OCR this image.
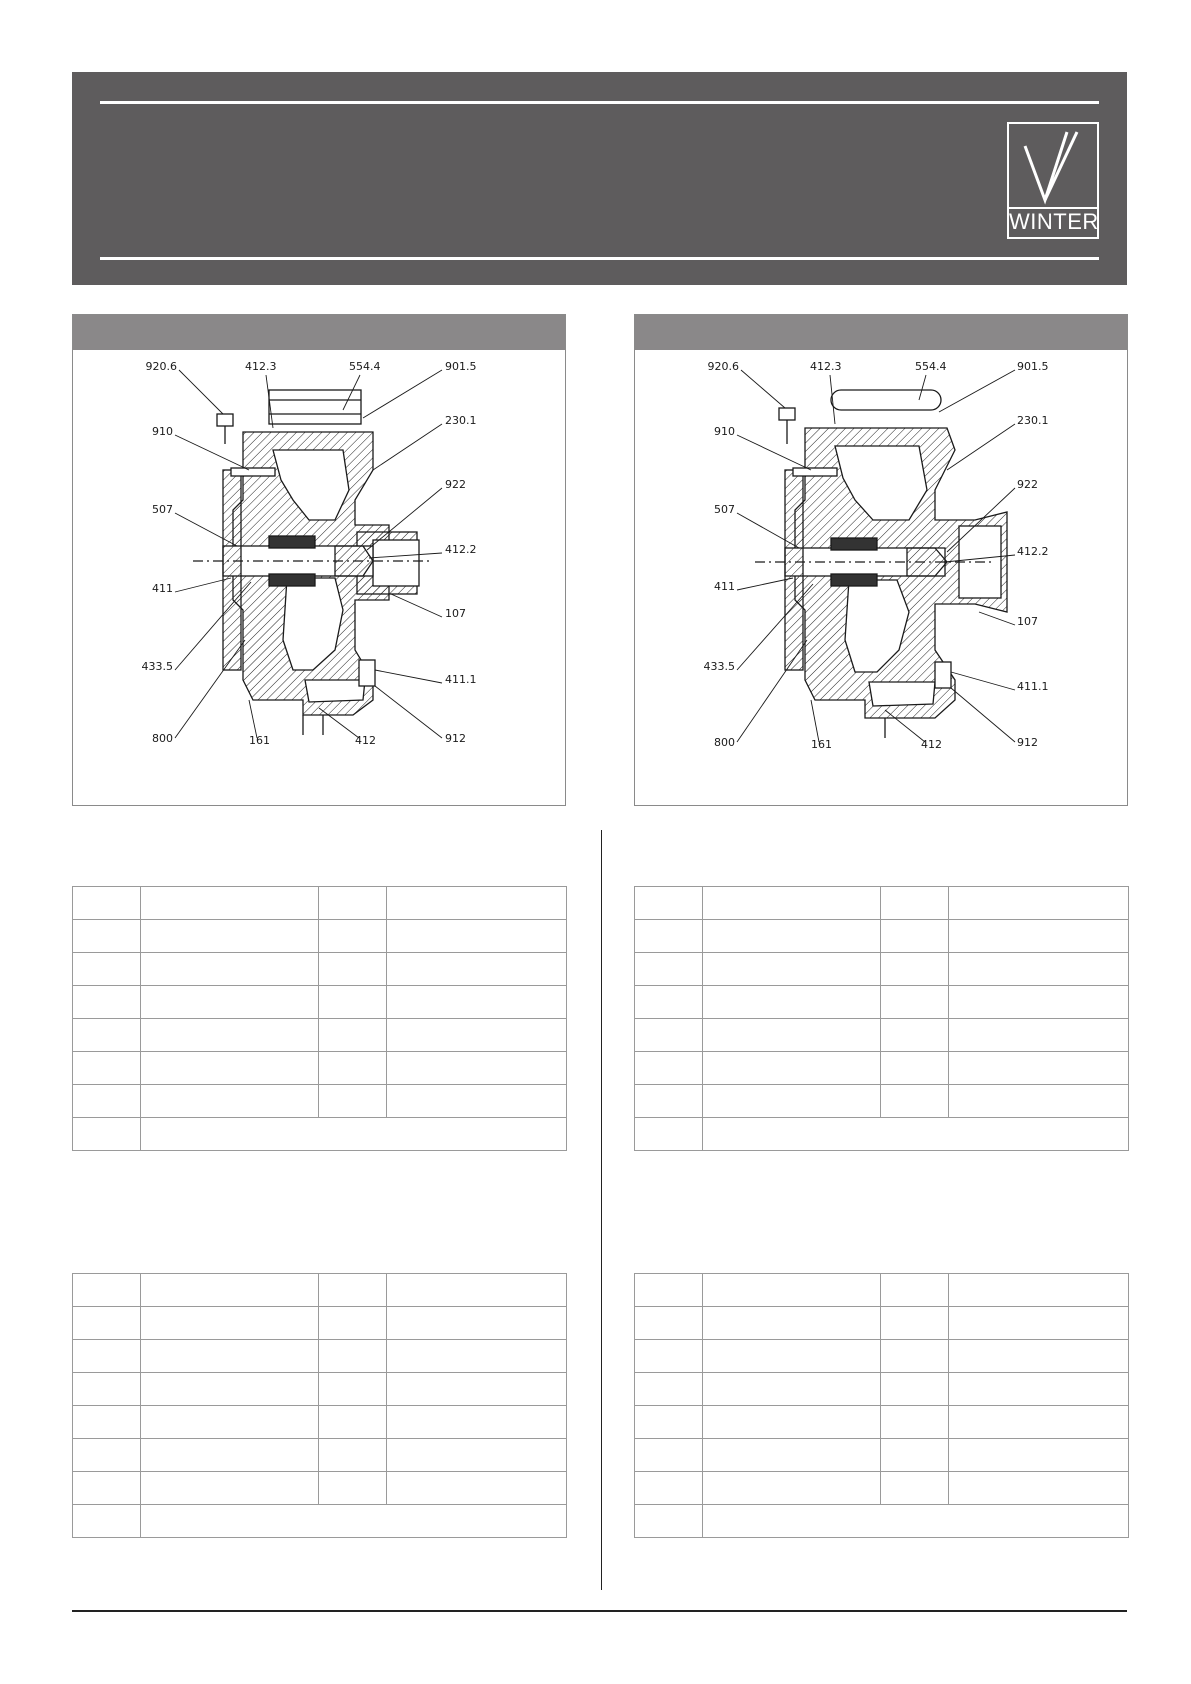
WINTER
920.6	412.3	554.4	901.5
910
230.1
922
507
412.2
411
107
433.5
411.1
800	161	412	912
920.6	412.3	554.4	901.5
910
230.1
922
507
412.2
411
107
433.5
411.1
800	161	412	912
